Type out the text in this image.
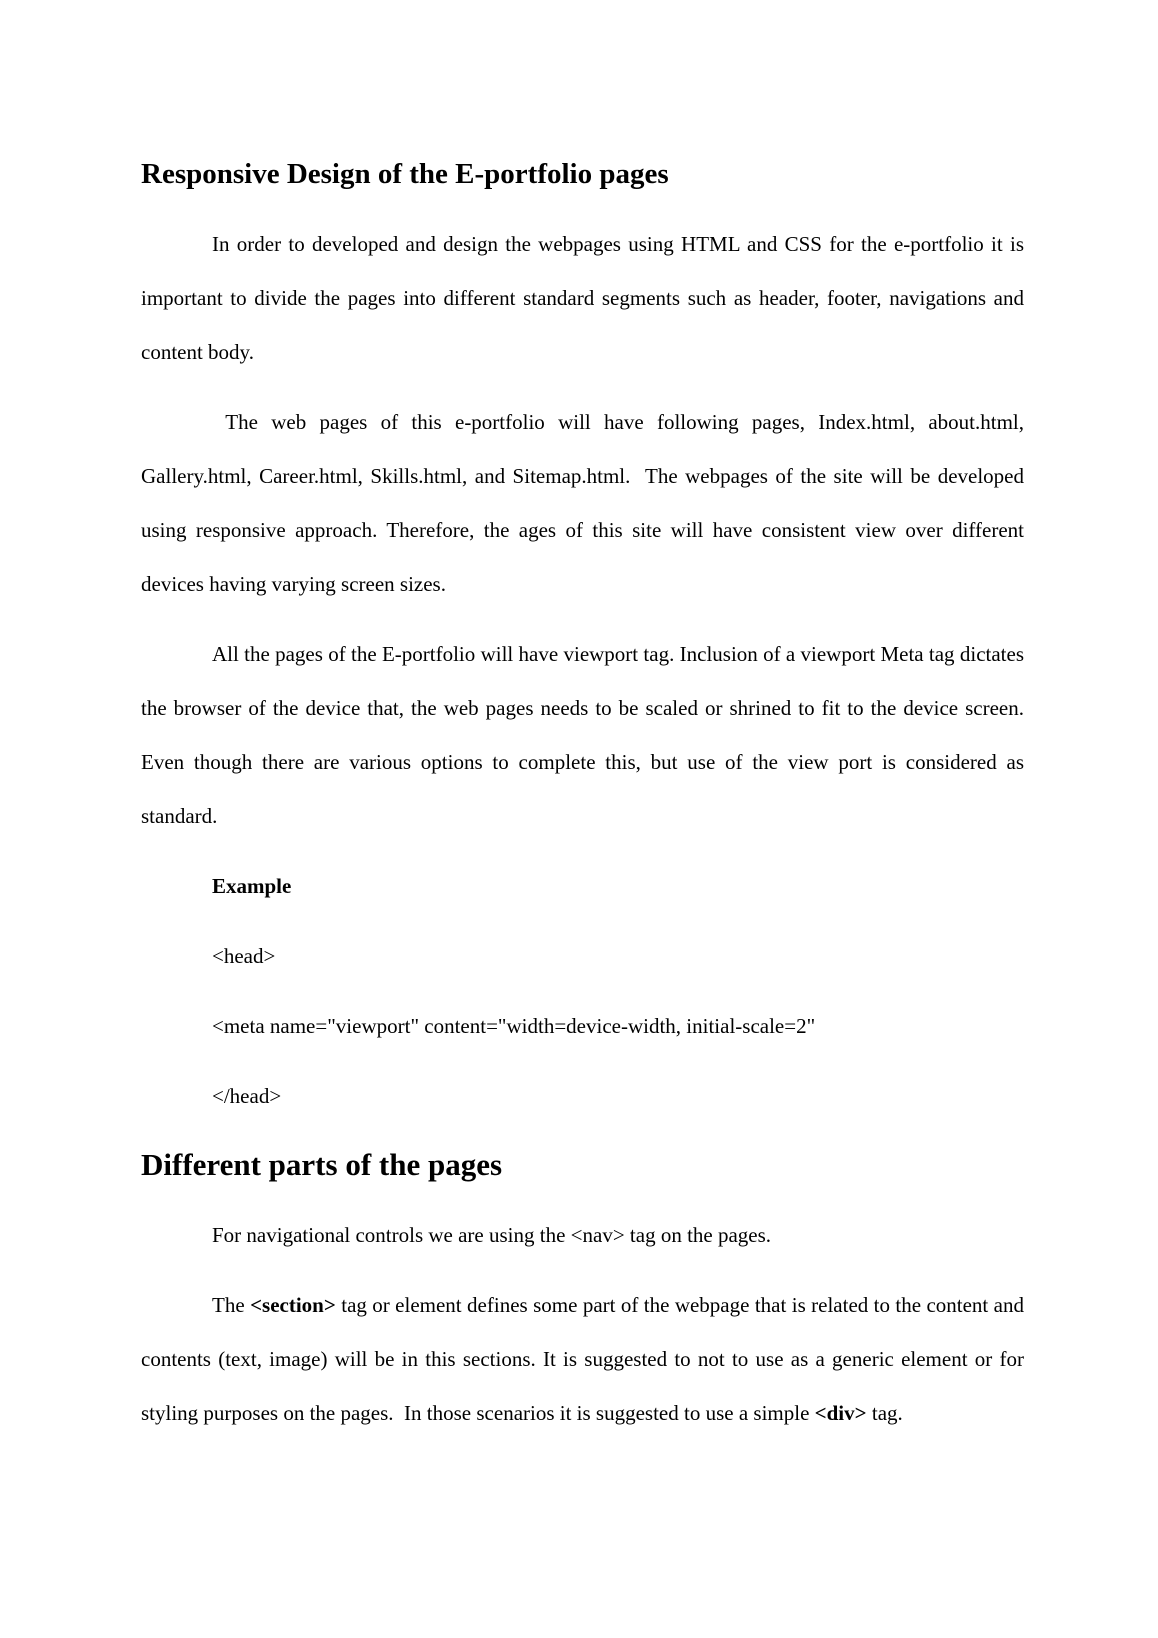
Responsive Design of the E-portfolio pages

In order to developed and design the webpages using HTML and CSS for the e-portfolio it is important to divide the pages into different standard segments such as header, footer, navigations and content body.

The web pages of this e-portfolio will have following pages, Index.html, about.html, Gallery.html, Career.html, Skills.html, and Sitemap.html.  The webpages of the site will be developed using responsive approach. Therefore, the ages of this site will have consistent view over different devices having varying screen sizes.

All the pages of the E-portfolio will have viewport tag. Inclusion of a viewport Meta tag dictates the browser of the device that, the web pages needs to be scaled or shrined to fit to the device screen. Even though there are various options to complete this, but use of the view port is considered as standard.

Example

<head>

<meta name="viewport" content="width=device-width, initial-scale=2"

</head>

Different parts of the pages

For navigational controls we are using the <nav> tag on the pages.

The <section> tag or element defines some part of the webpage that is related to the content and contents (text, image) will be in this sections. It is suggested to not to use as a generic element or for styling purposes on the pages.  In those scenarios it is suggested to use a simple <div> tag.
